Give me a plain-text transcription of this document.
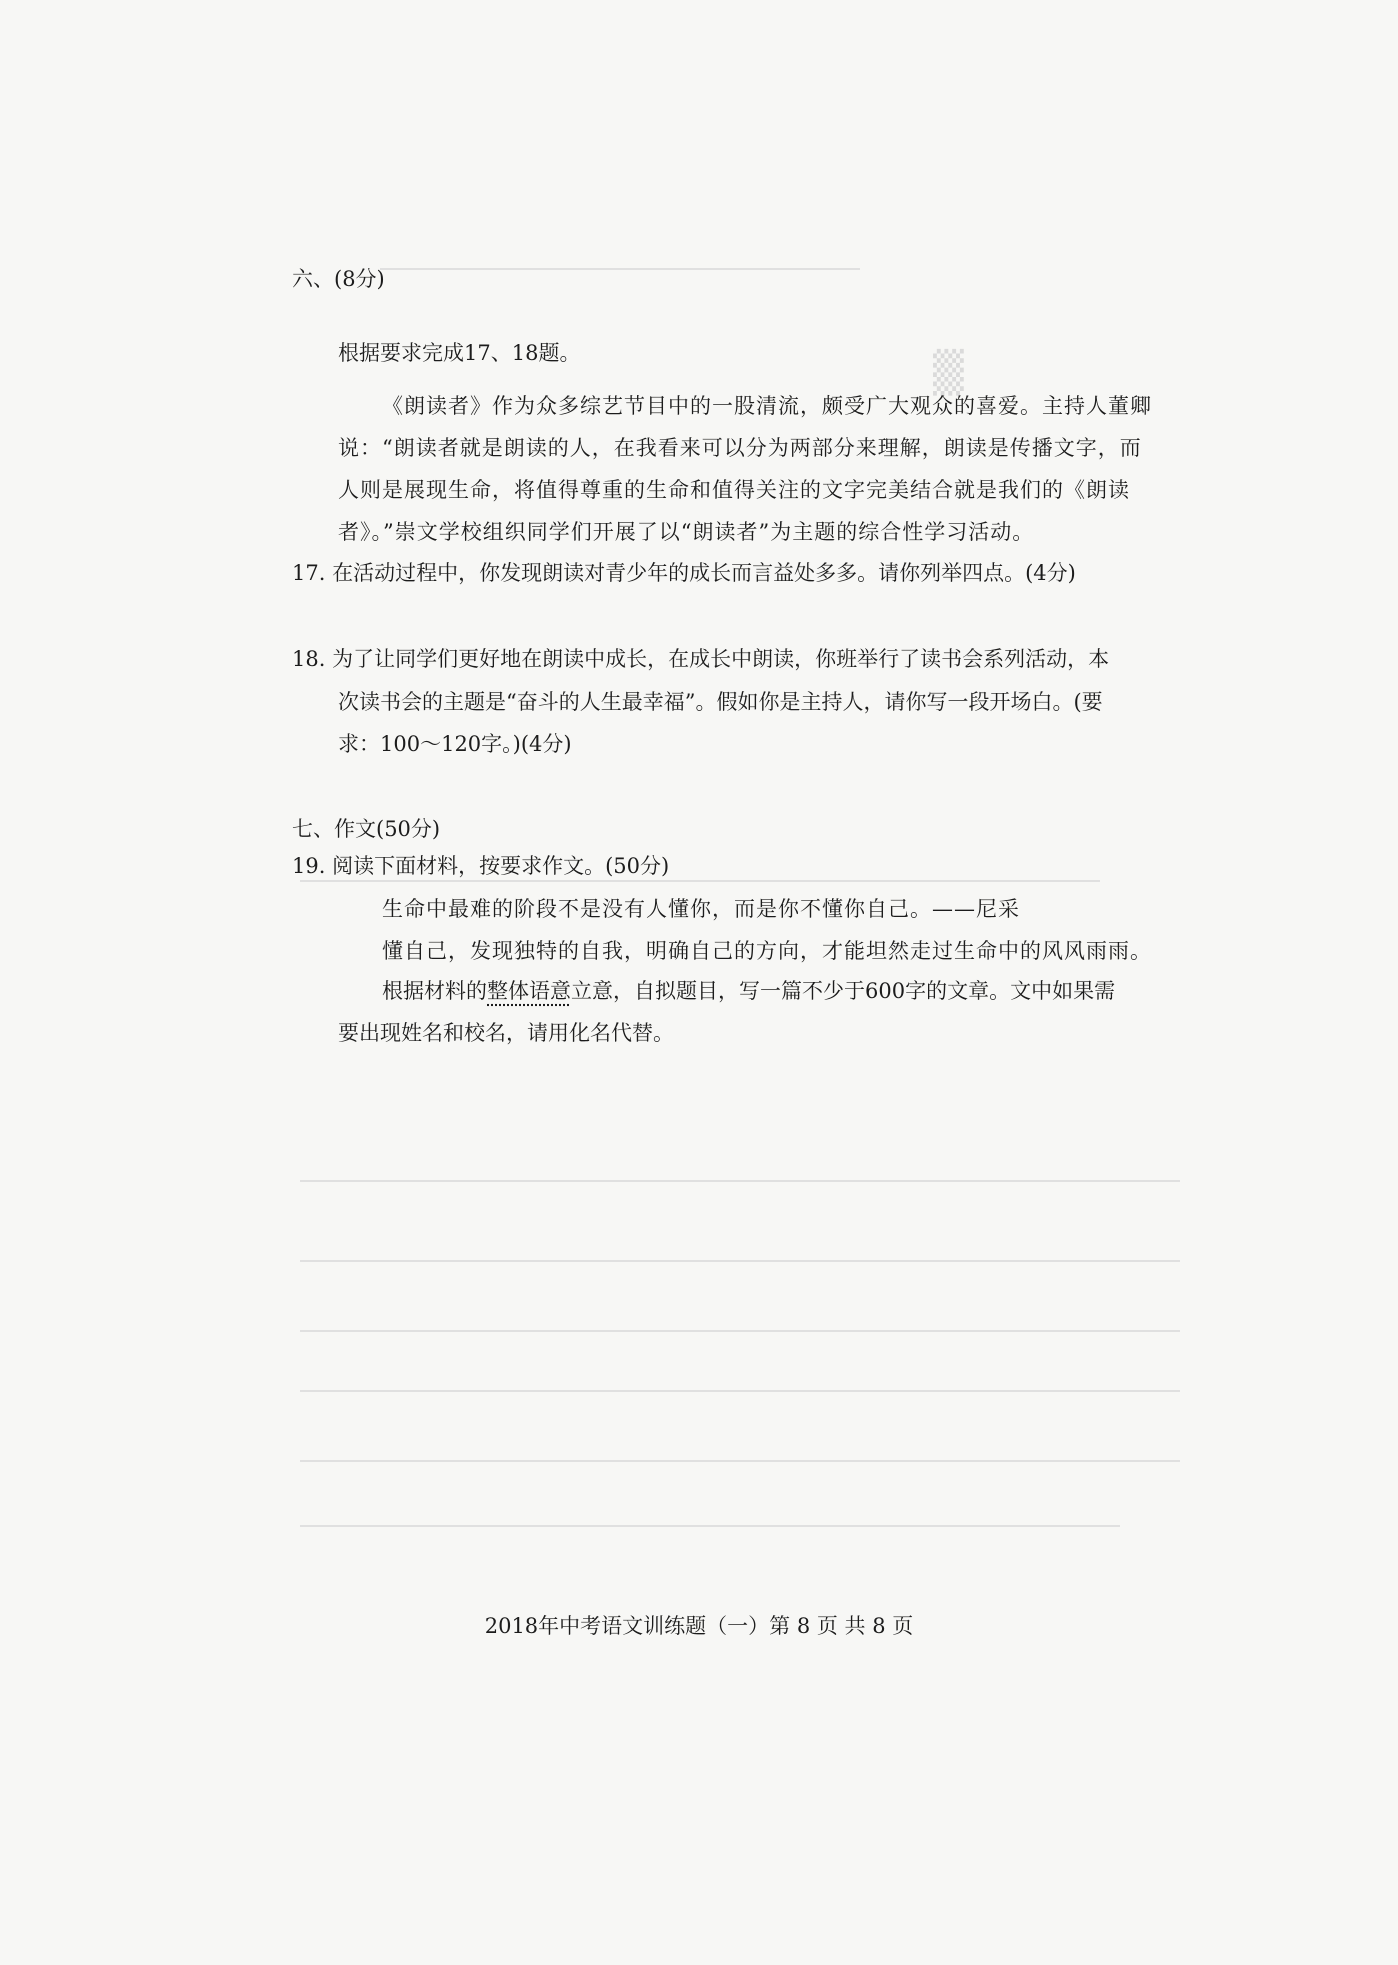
▒
六、(8分)
根据要求完成17、18题。
《朗读者》作为众多综艺节目中的一股清流，颇受广大观众的喜爱。主持人董卿
说：“朗读者就是朗读的人，在我看来可以分为两部分来理解，朗读是传播文字，而
人则是展现生命，将值得尊重的生命和值得关注的文字完美结合就是我们的《朗读
者》。”崇文学校组织同学们开展了以“朗读者”为主题的综合性学习活动。
17. 在活动过程中，你发现朗读对青少年的成长而言益处多多。请你列举四点。(4分)
18. 为了让同学们更好地在朗读中成长，在成长中朗读，你班举行了读书会系列活动，本
次读书会的主题是“奋斗的人生最幸福”。假如你是主持人，请你写一段开场白。(要
求：100～120字。)(4分)
七、作文(50分)
19. 阅读下面材料，按要求作文。(50分)
生命中最难的阶段不是没有人懂你，而是你不懂你自己。——尼采
懂自己，发现独特的自我，明确自己的方向，才能坦然走过生命中的风风雨雨。
根据材料的整体语意立意，自拟题目，写一篇不少于600字的文章。文中如果需
要出现姓名和校名，请用化名代替。
2018年中考语文训练题（一）第 8 页 共 8 页
